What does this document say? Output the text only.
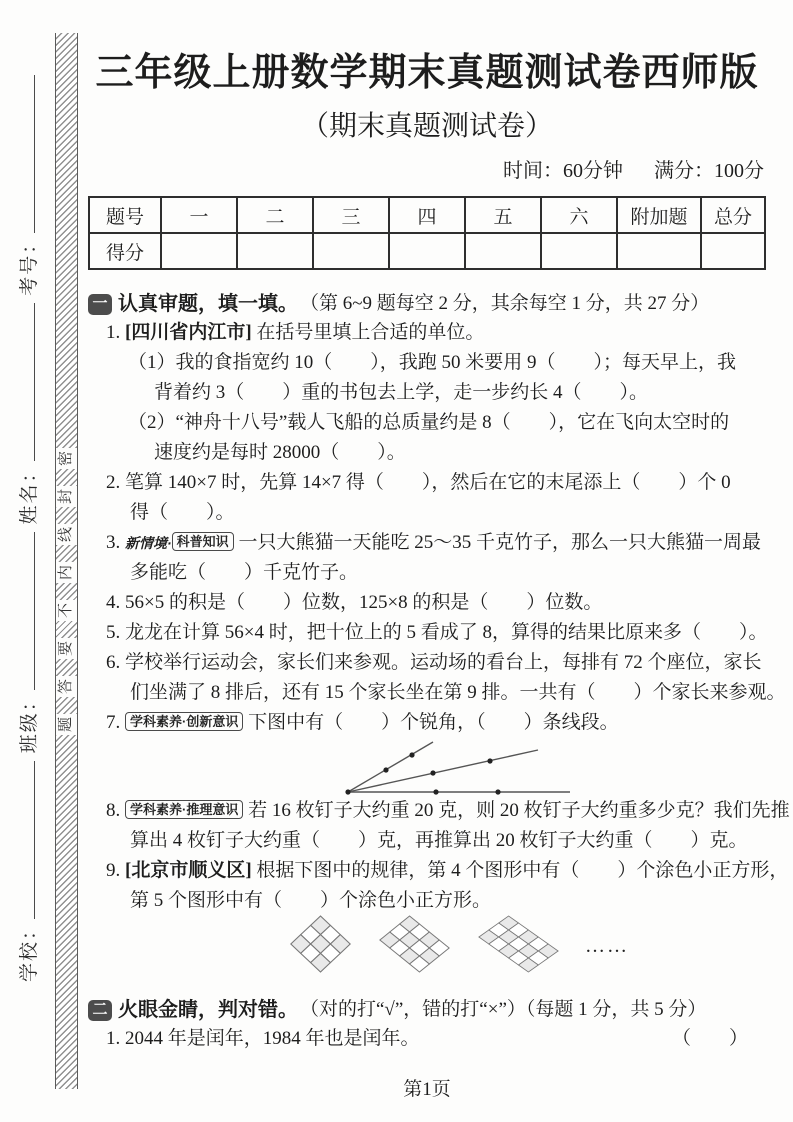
学校： 班级： 姓名： 考号：
密
封
线
内
不
要
答
题
三年级上册数学期末真题测试卷西师版
（期末真题测试卷）
时间：60分钟 满分：100分
题号	一	二	三	四	五	六	附加题	总分
得分								
一 认真审题，填一填。 （第 6~9 题每空 2 分，其余每空 1 分，共 27 分）
1. [四川省内江市] 在括号里填上合适的单位。
（1）我的食指宽约 10（　　），我跑 50 米要用 9（　　）；每天早上，我
背着约 3（　　）重的书包去上学，走一步约长 4（　　）。
（2）“神舟十八号”载人飞船的总质量约是 8（　　），它在飞向太空时的
速度约是每时 28000（　　）。
2. 笔算 140×7 时，先算 14×7 得（　　），然后在它的末尾添上（　　）个 0
得（　　）。
3. 新情境· 科普知识 一只大熊猫一天能吃 25～35 千克竹子，那么一只大熊猫一周最
多能吃（　　）千克竹子。
4. 56×5 的积是（　　）位数，125×8 的积是（　　）位数。
5. 龙龙在计算 56×4 时，把十位上的 5 看成了 8，算得的结果比原来多（　　）。
6. 学校举行运动会，家长们来参观。运动场的看台上，每排有 72 个座位，家长
们坐满了 8 排后，还有 15 个家长坐在第 9 排。一共有（　　）个家长来参观。
7. 学科素养·创新意识 下图中有（　　）个锐角，（　　）条线段。
8. 学科素养·推理意识 若 16 枚钉子大约重 20 克，则 20 枚钉子大约重多少克？我们先推
算出 4 枚钉子大约重（　　）克，再推算出 20 枚钉子大约重（　　）克。
9. [北京市顺义区] 根据下图中的规律，第 4 个图形中有（　　）个涂色小正方形，
第 5 个图形中有（　　）个涂色小正方形。
……
二 火眼金睛，判对错。 （对的打“√”，错的打“×”）（每题 1 分，共 5 分）
1. 2044 年是闰年，1984 年也是闰年。	（　　）
第1页
